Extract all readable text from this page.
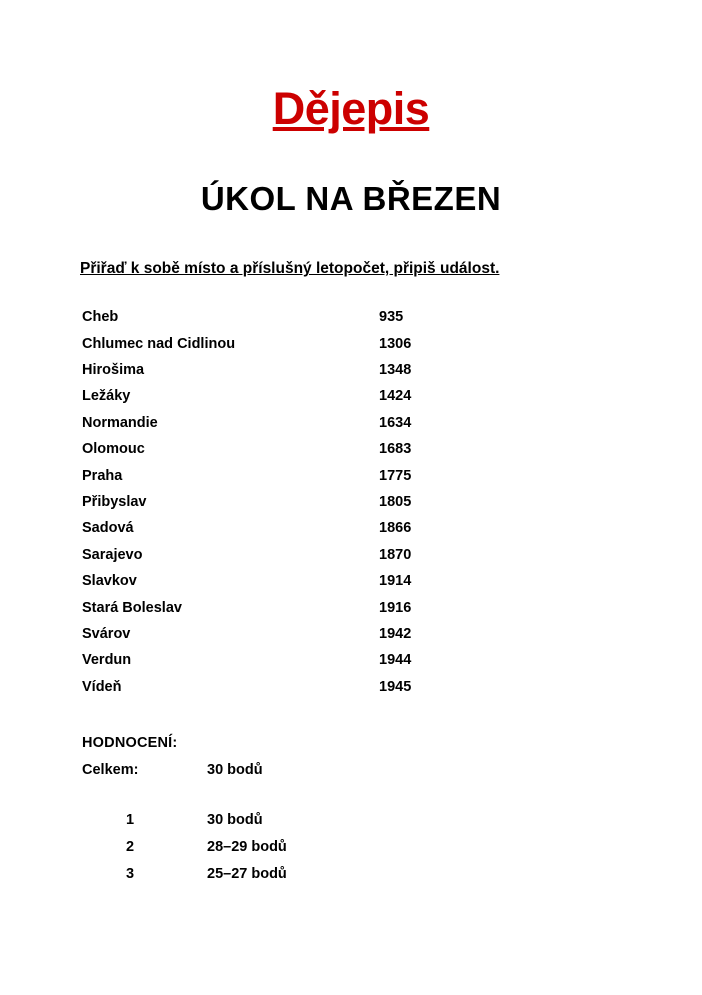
Dějepis
ÚKOL NA BŘEZEN

Přiřaď k sobě místo a příslušný letopočet, připiš událost.

Cheb	935
Chlumec nad Cidlinou	1306
Hirošima	1348
Ležáky	1424
Normandie	1634
Olomouc	1683
Praha	1775
Přibyslav	1805
Sadová	1866
Sarajevo	1870
Slavkov	1914
Stará Boleslav	1916
Svárov	1942
Verdun	1944
Vídeň	1945
HODNOCENÍ:
Celkem:	30 bodů
1	30 bodů
2	28–29 bodů
3	25–27 bodů
